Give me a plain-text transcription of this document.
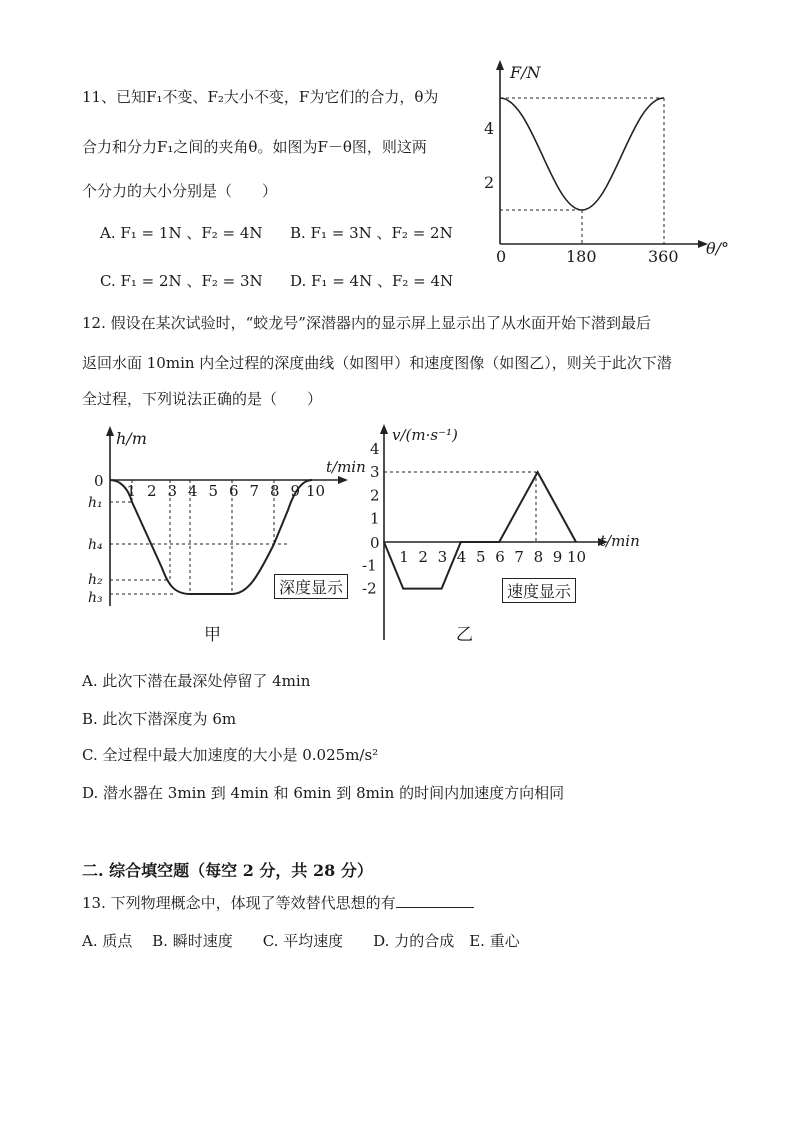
11、已知F₁不变、F₂大小不变，F为它们的合力，θ为
合力和分力F₁之间的夹角θ。如图为F－θ图，则这两
个分力的大小分别是（　　）
A. F₁ = 1N 、F₂ = 4N B. F₁ = 3N 、F₂ = 2N
C. F₁ = 2N 、F₂ = 3N D. F₁ = 4N 、F₂ = 4N
F/N
θ/°
0	180	360
2
4
12. 假设在某次试验时，“蛟龙号”深潜器内的显示屏上显示出了从水面开始下潜到最后
返回水面 10min 内全过程的深度曲线（如图甲）和速度图像（如图乙），则关于此次下潜
全过程，下列说法正确的是（　　）
h/m
t/min
0
1 2 3 4 5 6 7 8 9 10
h₁
h₄
h₂
h₃
甲
深度显示
v/(m·s⁻¹)
t/min
4
3
2
1
-1
-2
0
1 2 3 4 5 6 7 8 9 10
乙
速度显示
A. 此次下潜在最深处停留了 4min
B. 此次下潜深度为 6m
C. 全过程中最大加速度的大小是 0.025m/s²
D. 潜水器在 3min 到 4min 和 6min 到 8min 的时间内加速度方向相同
二. 综合填空题（每空 2 分，共 28 分）
13. 下列物理概念中，体现了等效替代思想的有
A. 质点　 B. 瞬时速度　　C. 平均速度　　D. 力的合成　E. 重心
